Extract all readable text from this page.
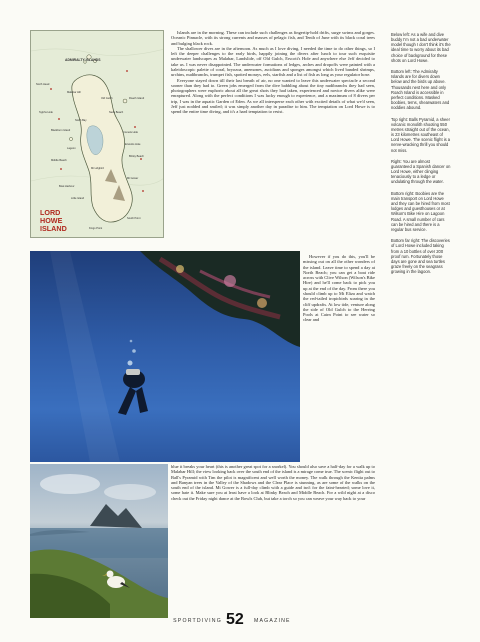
ADMIRALTY ISLANDS
North Head
Malabar Hill
Old Gulch	Roach Island
Neds Beach
Blackburn Island
North Bay
Sylphs Hole
Comets Hole
Erscotts Hole
Lagoon
Middle Beach
Mt Lidgbird
Mt Gower
Blinky Beach
Boat Harbour
Little Island
South Point
Kings Point
LORD
HOWE
ISLAND

Islands are in the morning. These can include such challenges as fingertip-hold drifts, surge swims and gorges. Oceanic Pinnacle, with its strong currents and masses of pelagic fish, and Tenth of June with its black coral trees and bulging black rock.

The shallower dives are in the afternoon. As much as I love diving, I needed the time to do other things, so I left the deeper challenges to the early birds, happily joining the divers after lunch to tour such exquisite underwater landscapes as Malabar, Landslide, off Old Gulch, Erscott's Hole and anywhere else Jeff decided to take us. I was never disappointed. The underwater formations of ledges, arches and dropoffs were painted with a kaleidoscopic palette of coral, bryozoa, anemones, ascidians and sponges amongst which lived banded shrimps, urchins, nudibranchs, trumpet fish, spotted morays, eels, starfish and a list of fish as long as your regulator hose.

Everyone stayed down till their last breath of air, no one wanted to leave this underwater spectacle a second sooner than they had to. Green jobs emerged from the dive babbling about the tiny nudibranchs they had seen, photographers were euphoric about all the great shots they had taken, experienced and novice divers alike were enraptured. Along with the perfect conditions I was lucky enough to experience, and a maximum of 8 divers per trip, I was in the aquatic Garden of Eden. As we all intersperse each other with excited details of what we'd seen, Jeff just nodded and smiled; it was simply another day in paradise to him. The temptation on Lord Howe is to spend the entire time diving, and it's a hard temptation to resist.

However if you do this, you'll be missing out on all the other wonders of the island. Leave time to spend a day at North Beach; you can get a boat ride across with Clive Wilson (Wilson's Bike Hire) and he'll come back to pick you up at the end of the day. From there you should climb up to Mt Eliza and watch the red-tailed tropicbirds soaring in the cliff updrafts. At low tide, venture along the side of Old Gulch to the Herring Pools at Cairn Point to see water so clear and

blue it breaks your heart (this is another great spot for a snorkel). You should also save a half-day for a walk up to Malabar Hill; the view looking back over the south end of the island is a mirage come true. The scenic flight out to Ball's Pyramid with Tim the pilot is magnificent and well worth the money. The walk through the Kentia palms and Banyan trees in the Valley of the Shadows and the Clear Place is stunning, as are some of the walks on the south end of the island. Mt Gower is a full-day climb with a guide and isn't for the faint-hearted; some love it, some hate it. Make sure you at least have a look at Blinky Beach and Middle Beach. For a wild night at a disco check out the Friday night dance at the Bowls Club, but take a torch so you can weave your way back to your

Below left: As a wife and dive buddy I'm not a bad underwater model though I don't think it's the ideal time to worry about its bad choice of background for these shots on Lord Howe.

Bottom left: The Admiralty Islands are for divers down below and the birds up above. Thousands nest here and only Roach Island is accessible in perfect conditions. Masked boobies, terns, shearwaters and noddies abound.

Top right: Balls Pyramid, a sheer volcanic monolith shooting 550 metres straight out of the ocean, is 23 kilometres southeast of Lord Howe. The scenic flight is a nerve-wracking thrill you should not miss.

Right: You are almost guaranteed a Spanish dancer on Lord Howe, either clinging tenaciously to a ledge or undulating through the water.

Bottom right: Boobies are the main transport on Lord Howe and they can be hired from most lodges and guesthouses or at Wilson's Bike Hire on Lagoon Road. A small number of cars can be hired and there is a regular bus service.

Bottom far right: The discoveries of Lord Howe included taking from a 10 bottles of over 200 proof rum. Fortunately those days are gone and sea turtles graze freely on the seagrass growing in the lagoon.

SPORTDIVING 52 MAGAZINE
